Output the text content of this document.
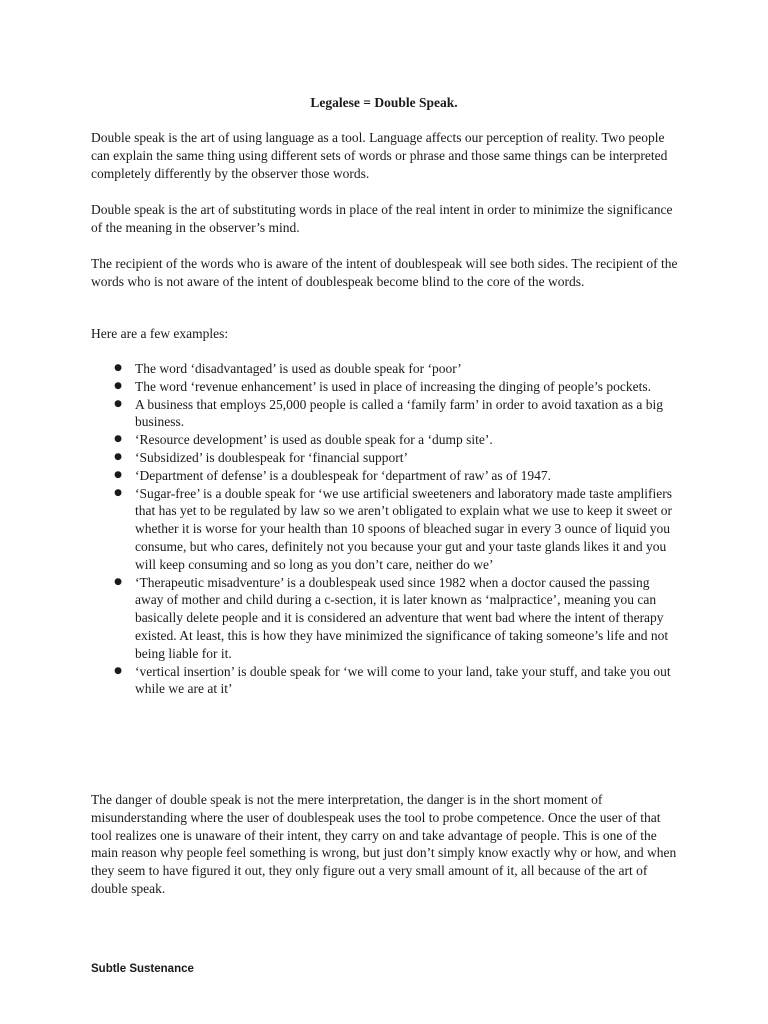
Legalese = Double Speak.

Double speak is the art of using language as a tool. Language affects our perception of reality. Two people can explain the same thing using different sets of words or phrase and those same things can be interpreted completely differently by the observer those words.

Double speak is the art of substituting words in place of the real intent in order to minimize the significance of the meaning in the observer’s mind.

The recipient of the words who is aware of the intent of doublespeak will see both sides. The recipient of the words who is not aware of the intent of doublespeak become blind to the core of the words.

Here are a few examples:

● The word ‘disadvantaged’ is used as double speak for ‘poor’
● The word ‘revenue enhancement’ is used in place of increasing the dinging of people’s pockets.
● A business that employs 25,000 people is called a ‘family farm’ in order to avoid taxation as a big business.
● ‘Resource development’ is used as double speak for a ‘dump site’.
● ‘Subsidized’ is doublespeak for ‘financial support’
● ‘Department of defense’ is a doublespeak for ‘department of raw’ as of 1947.
● ‘Sugar-free’ is a double speak for ‘we use artificial sweeteners and laboratory made taste amplifiers that has yet to be regulated by law so we aren’t obligated to explain what we use to keep it sweet or whether it is worse for your health than 10 spoons of bleached sugar in every 3 ounce of liquid you consume, but who cares, definitely not you because your gut and your taste glands likes it and you will keep consuming and so long as you don’t care, neither do we’
● ‘Therapeutic misadventure’ is a doublespeak used since 1982 when a doctor caused the passing away of mother and child during a c-section, it is later known as ‘malpractice’, meaning you can basically delete people and it is considered an adventure that went bad where the intent of therapy existed. At least, this is how they have minimized the significance of taking someone’s life and not being liable for it.
● ‘vertical insertion’ is double speak for ‘we will come to your land, take your stuff, and take you out while we are at it’

The danger of double speak is not the mere interpretation, the danger is in the short moment of misunderstanding where the user of doublespeak uses the tool to probe competence. Once the user of that tool realizes one is unaware of their intent, they carry on and take advantage of people. This is one of the main reason why people feel something is wrong, but just don’t simply know exactly why or how, and when they seem to have figured it out, they only figure out a very small amount of it, all because of the art of double speak.

Subtle Sustenance
